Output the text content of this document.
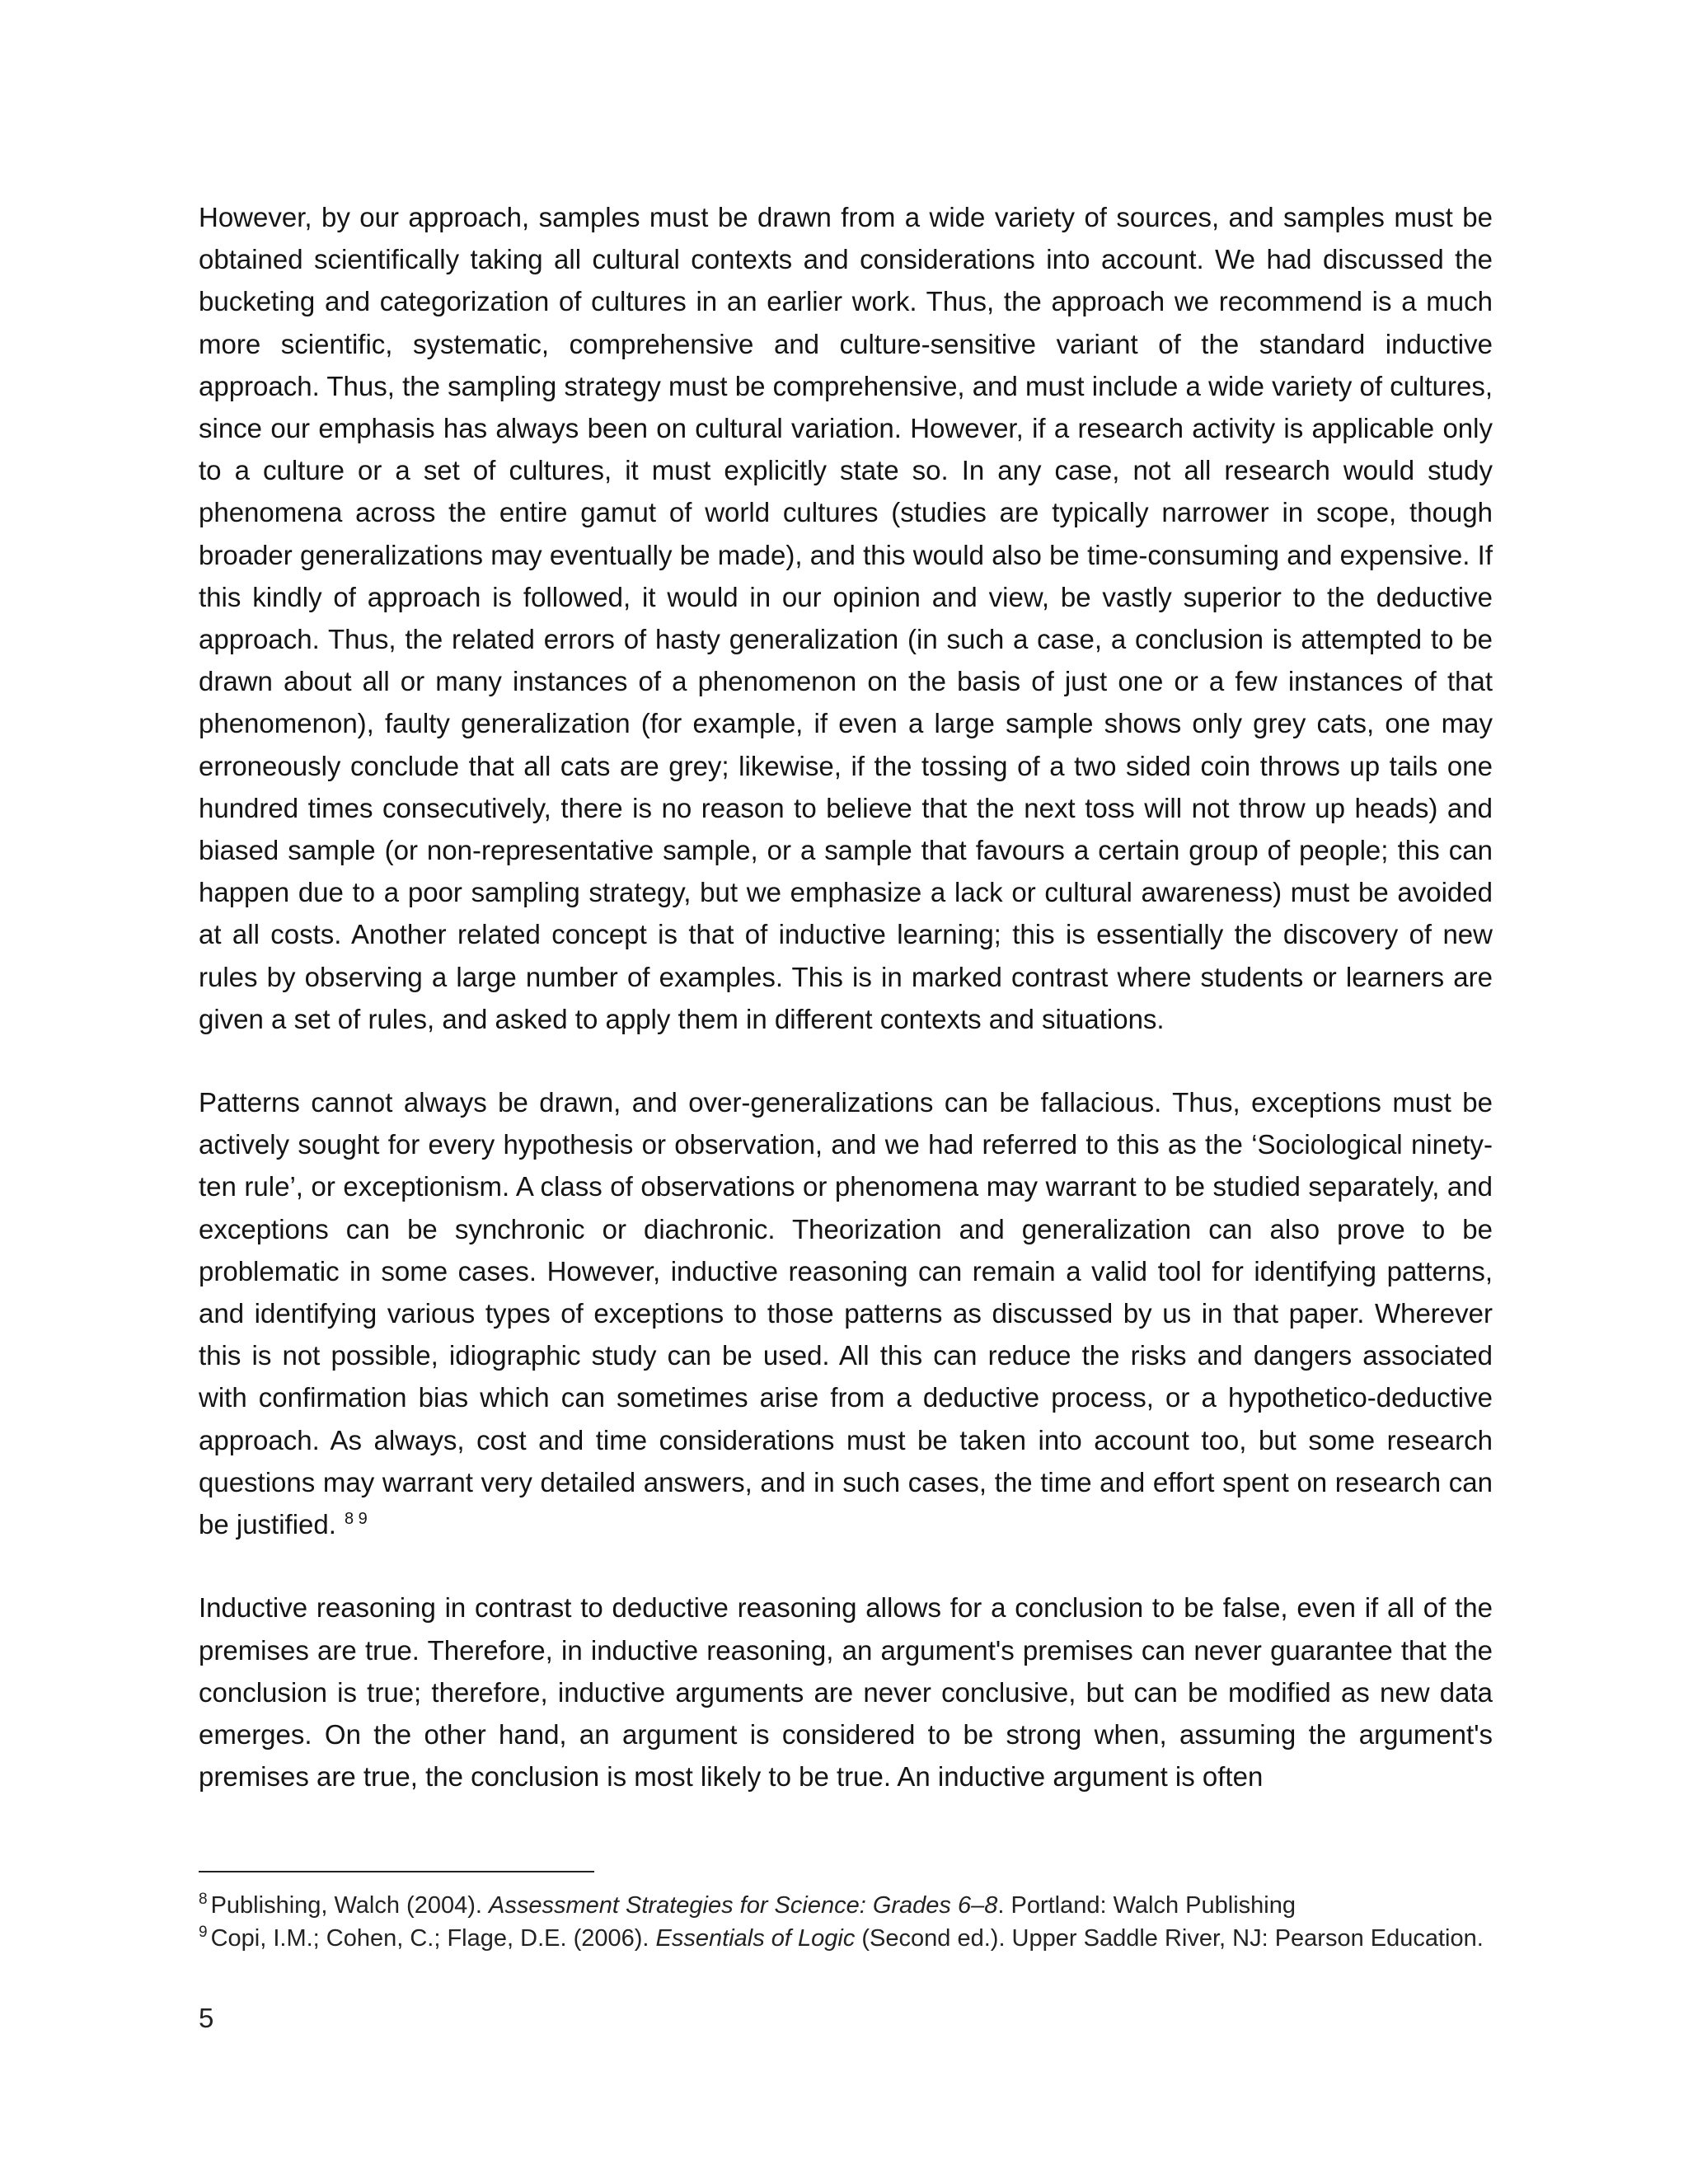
However, by our approach, samples must be drawn from a wide variety of sources, and samples must be obtained scientifically taking all cultural contexts and considerations into account. We had discussed the bucketing and categorization of cultures in an earlier work. Thus, the approach we recommend is a much more scientific, systematic, comprehensive and culture-sensitive variant of the standard inductive approach. Thus, the sampling strategy must be comprehensive, and must include a wide variety of cultures, since our emphasis has always been on cultural variation. However, if a research activity is applicable only to a culture or a set of cultures, it must explicitly state so. In any case, not all research would study phenomena across the entire gamut of world cultures (studies are typically narrower in scope, though broader generalizations may eventually be made), and this would also be time-consuming and expensive. If this kindly of approach is followed, it would in our opinion and view, be vastly superior to the deductive approach. Thus, the related errors of hasty generalization (in such a case, a conclusion is attempted to be drawn about all or many instances of a phenomenon on the basis of just one or a few instances of that phenomenon), faulty generalization (for example, if even a large sample shows only grey cats, one may erroneously conclude that all cats are grey; likewise, if the tossing of a two sided coin throws up tails one hundred times consecutively, there is no reason to believe that the next toss will not throw up heads) and biased sample (or non-representative sample, or a sample that favours a certain group of people; this can happen due to a poor sampling strategy, but we emphasize a lack or cultural awareness) must be avoided at all costs. Another related concept is that of inductive learning; this is essentially the discovery of new rules by observing a large number of examples. This is in marked contrast where students or learners are given a set of rules, and asked to apply them in different contexts and situations.

Patterns cannot always be drawn, and over-generalizations can be fallacious. Thus, exceptions must be actively sought for every hypothesis or observation, and we had referred to this as the ‘Sociological ninety-ten rule’, or exceptionism. A class of observations or phenomena may warrant to be studied separately, and exceptions can be synchronic or diachronic. Theorization and generalization can also prove to be problematic in some cases. However, inductive reasoning can remain a valid tool for identifying patterns, and identifying various types of exceptions to those patterns as discussed by us in that paper. Wherever this is not possible, idiographic study can be used. All this can reduce the risks and dangers associated with confirmation bias which can sometimes arise from a deductive process, or a hypothetico-deductive approach. As always, cost and time considerations must be taken into account too, but some research questions may warrant very detailed answers, and in such cases, the time and effort spent on research can be justified. $^{8 9}$

Inductive reasoning in contrast to deductive reasoning allows for a conclusion to be false, even if all of the premises are true. Therefore, in inductive reasoning, an argument's premises can never guarantee that the conclusion is true; therefore, inductive arguments are never conclusive, but can be modified as new data emerges. On the other hand, an argument is considered to be strong when, assuming the argument's premises are true, the conclusion is most likely to be true. An inductive argument is often

$^8$ Publishing, Walch (2004). Assessment Strategies for Science: Grades 6–8. Portland: Walch Publishing

$^9$ Copi, I.M.; Cohen, C.; Flage, D.E. (2006). Essentials of Logic (Second ed.). Upper Saddle River, NJ: Pearson Education.

5
